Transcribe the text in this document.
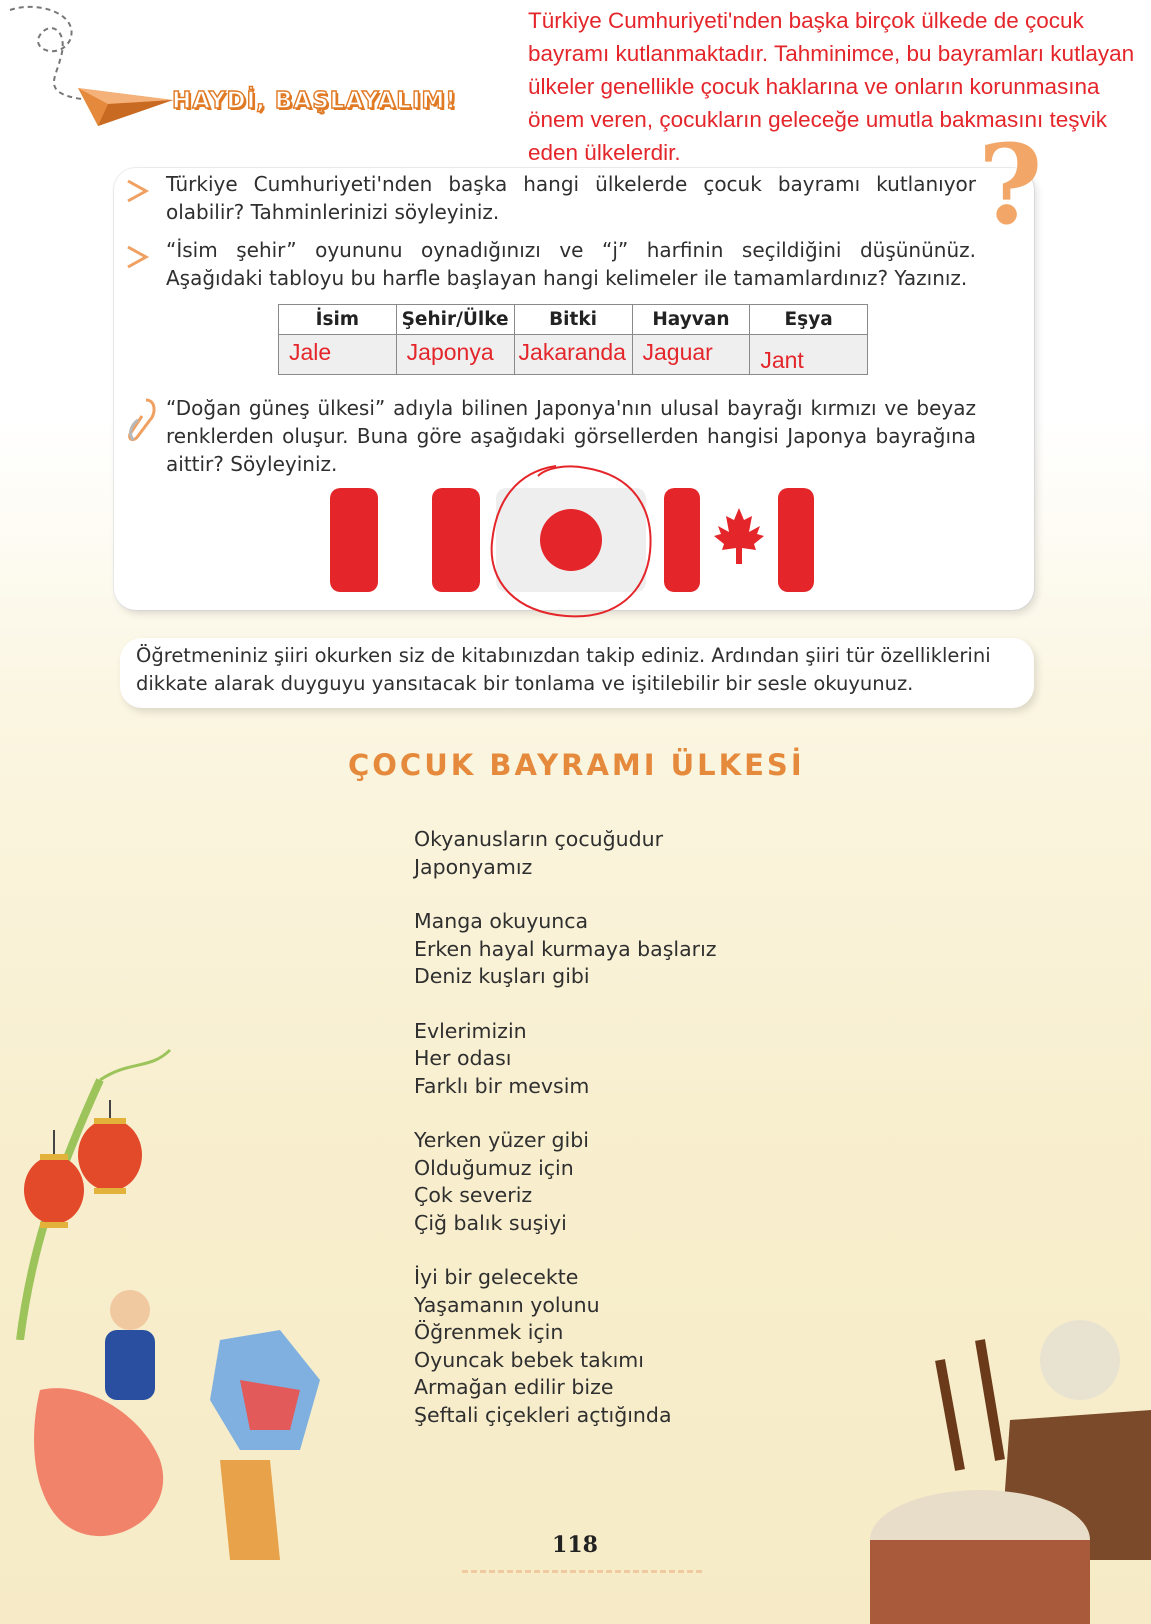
HAYDİ, BAŞLAYALIM!
Türkiye Cumhuriyeti'nden başka birçok ülkede de çocuk bayramı kutlanmaktadır. Tahminimce, bu bayramları kutlayan ülkeler genellikle çocuk haklarına ve onların korunmasına önem veren, çocukların geleceğe umutla bakmasını teşvik eden ülkelerdir.	?
Türkiye Cumhuriyeti'nden başka hangi ülkelerde çocuk bayramı kutlanıyor olabilir? Tahminlerinizi söyleyiniz.
“İsim şehir” oyununu oynadığınızı ve “j” harfinin seçildiğini düşününüz. Aşağıdaki tabloyu bu harfle başlayan hangi kelimeler ile tamamlardınız? Yazınız.
İsim	Şehir/Ülke	Bitki	Hayvan	Eşya
Jale	Japonya	Jakaranda	Jaguar	Jant
“Doğan güneş ülkesi” adıyla bilinen Japonya'nın ulusal bayrağı kırmızı ve beyaz renklerden oluşur. Buna göre aşağıdaki görsellerden hangisi Japonya bayrağına aittir? Söyleyiniz.
Öğretmeniniz şiiri okurken siz de kitabınızdan takip ediniz. Ardından şiiri tür özelliklerini dikkate alarak duyguyu yansıtacak bir tonlama ve işitilebilir bir sesle okuyunuz.
ÇOCUK BAYRAMI ÜLKESİ
Okyanusların çocuğudur
Japonyamız
Manga okuyunca
Erken hayal kurmaya başlarız
Deniz kuşları gibi
Evlerimizin
Her odası
Farklı bir mevsim
Yerken yüzer gibi
Olduğumuz için
Çok severiz
Çiğ balık suşiyi
İyi bir gelecekte
Yaşamanın yolunu
Öğrenmek için
Oyuncak bebek takımı
Armağan edilir bize
Şeftali çiçekleri açtığında
118
